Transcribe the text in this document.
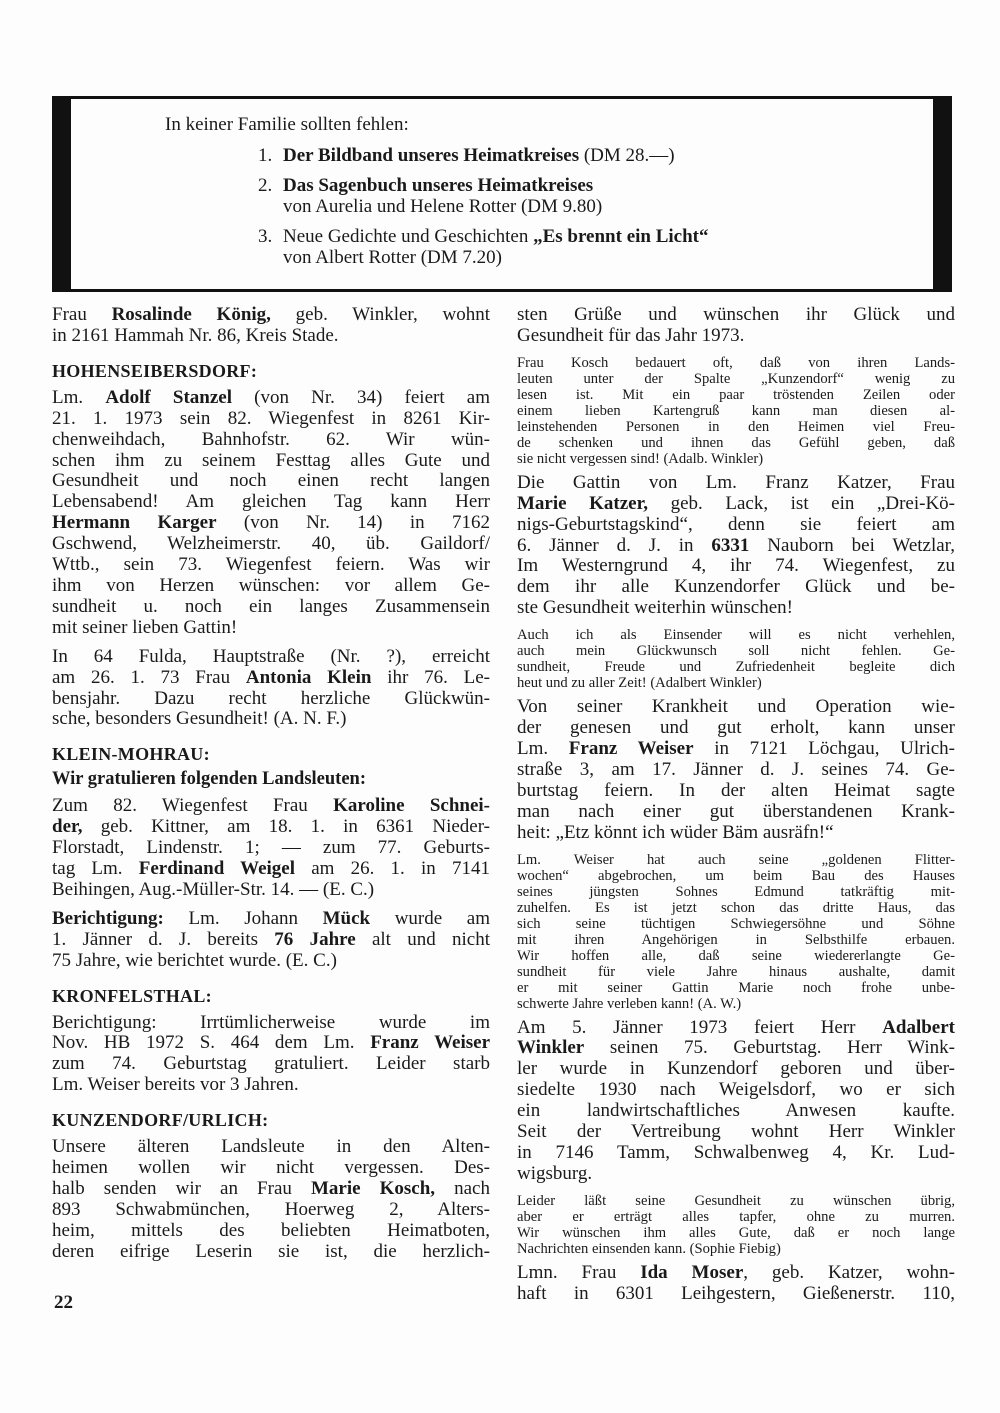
In keiner Familie sollten fehlen:
1. Der Bildband unseres Heimatkreises (DM 28.—)
2. Das Sagenbuch unseres Heimatkreises
von Aurelia und Helene Rotter (DM 9.80)
3. Neue Gedichte und Geschichten „Es brennt ein Licht“
von Albert Rotter (DM 7.20)
Frau Rosalinde König, geb. Winkler, wohnt
in 2161 Hammah Nr. 86, Kreis Stade.
HOHENSEIBERSDORF:
Lm. Adolf Stanzel (von Nr. 34) feiert am
21. 1. 1973 sein 82. Wiegenfest in 8261 Kir-
chenweihdach, Bahnhofstr. 62. Wir wün-
schen ihm zu seinem Festtag alles Gute und
Gesundheit und noch einen recht langen
Lebensabend! Am gleichen Tag kann Herr
Hermann Karger (von Nr. 14) in 7162
Gschwend, Welzheimerstr. 40, üb. Gaildorf/
Wttb., sein 73. Wiegenfest feiern. Was wir
ihm von Herzen wünschen: vor allem Ge-
sundheit u. noch ein langes Zusammensein
mit seiner lieben Gattin!
In 64 Fulda, Hauptstraße (Nr. ?), erreicht
am 26. 1. 73 Frau Antonia Klein ihr 76. Le-
bensjahr. Dazu recht herzliche Glückwün-
sche, besonders Gesundheit! (A. N. F.)
KLEIN-MOHRAU:
Wir gratulieren folgenden Landsleuten:
Zum 82. Wiegenfest Frau Karoline Schnei-
der, geb. Kittner, am 18. 1. in 6361 Nieder-
Florstadt, Lindenstr. 1; — zum 77. Geburts-
tag Lm. Ferdinand Weigel am 26. 1. in 7141
Beihingen, Aug.-Müller-Str. 14. — (E. C.)
Berichtigung: Lm. Johann Mück wurde am
1. Jänner d. J. bereits 76 Jahre alt und nicht
75 Jahre, wie berichtet wurde. (E. C.)
KRONFELSTHAL:
Berichtigung: Irrtümlicherweise wurde im
Nov. HB 1972 S. 464 dem Lm. Franz Weiser
zum 74. Geburtstag gratuliert. Leider starb
Lm. Weiser bereits vor 3 Jahren.
KUNZENDORF/URLICH:
Unsere älteren Landsleute in den Alten-
heimen wollen wir nicht vergessen. Des-
halb senden wir an Frau Marie Kosch, nach
893 Schwabmünchen, Hoerweg 2, Alters-
heim, mittels des beliebten Heimatboten,
deren eifrige Leserin sie ist, die herzlich-
sten Grüße und wünschen ihr Glück und
Gesundheit für das Jahr 1973.
Frau Kosch bedauert oft, daß von ihren Lands-
leuten unter der Spalte „Kunzendorf“ wenig zu
lesen ist. Mit ein paar tröstenden Zeilen oder
einem lieben Kartengruß kann man diesen al-
leinstehenden Personen in den Heimen viel Freu-
de schenken und ihnen das Gefühl geben, daß
sie nicht vergessen sind! (Adalb. Winkler)
Die Gattin von Lm. Franz Katzer, Frau
Marie Katzer, geb. Lack, ist ein „Drei-Kö-
nigs-Geburtstagskind“, denn sie feiert am
6. Jänner d. J. in 6331 Nauborn bei Wetzlar,
Im Westerngrund 4, ihr 74. Wiegenfest, zu
dem ihr alle Kunzendorfer Glück und be-
ste Gesundheit weiterhin wünschen!
Auch ich als Einsender will es nicht verhehlen,
auch mein Glückwunsch soll nicht fehlen. Ge-
sundheit, Freude und Zufriedenheit begleite dich
heut und zu aller Zeit! (Adalbert Winkler)
Von seiner Krankheit und Operation wie-
der genesen und gut erholt, kann unser
Lm. Franz Weiser in 7121 Löchgau, Ulrich-
straße 3, am 17. Jänner d. J. seines 74. Ge-
burtstag feiern. In der alten Heimat sagte
man nach einer gut überstandenen Krank-
heit: „Etz könnt ich wüder Bäm ausräfn!“
Lm. Weiser hat auch seine „goldenen Flitter-
wochen“ abgebrochen, um beim Bau des Hauses
seines jüngsten Sohnes Edmund tatkräftig mit-
zuhelfen. Es ist jetzt schon das dritte Haus, das
sich seine tüchtigen Schwiegersöhne und Söhne
mit ihren Angehörigen in Selbsthilfe erbauen.
Wir hoffen alle, daß seine wiedererlangte Ge-
sundheit für viele Jahre hinaus aushalte, damit
er mit seiner Gattin Marie noch frohe unbe-
schwerte Jahre verleben kann! (A. W.)
Am 5. Jänner 1973 feiert Herr Adalbert
Winkler seinen 75. Geburtstag. Herr Wink-
ler wurde in Kunzendorf geboren und über-
siedelte 1930 nach Weigelsdorf, wo er sich
ein landwirtschaftliches Anwesen kaufte.
Seit der Vertreibung wohnt Herr Winkler
in 7146 Tamm, Schwalbenweg 4, Kr. Lud-
wigsburg.
Leider läßt seine Gesundheit zu wünschen übrig,
aber er erträgt alles tapfer, ohne zu murren.
Wir wünschen ihm alles Gute, daß er noch lange
Nachrichten einsenden kann. (Sophie Fiebig)
Lmn. Frau Ida Moser, geb. Katzer, wohn-
haft in 6301 Leihgestern, Gießenerstr. 110,
22
